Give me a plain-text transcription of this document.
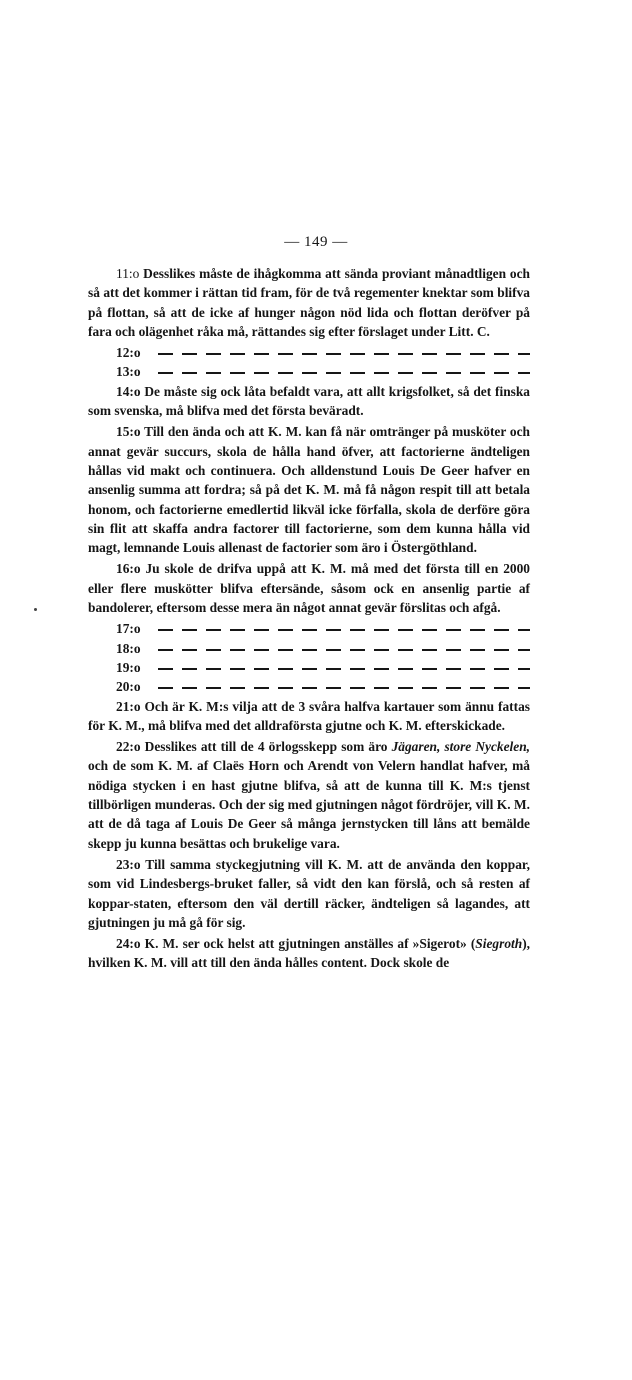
— 149 —

11:o Desslikes måste de ihågkomma att sända proviant månadtligen och så att det kommer i rättan tid fram, för de två regementer knektar som blifva på flottan, så att de icke af hunger någon nöd lida och flottan deröfver på fara och olägenhet råka må, rättandes sig efter förslaget under Litt. C.

12:o
13:o

14:o De måste sig ock låta befaldt vara, att allt krigsfolket, så det finska som svenska, må blifva med det första beväradt.

15:o Till den ända och att K. M. kan få när omtränger på musköter och annat gevär succurs, skola de hålla hand öfver, att factorierne ändteligen hållas vid makt och continuera. Och alldenstund Louis De Geer hafver en ansenlig summa att fordra; så på det K. M. må få någon respit till att betala honom, och factorierne emedlertid likväl icke förfalla, skola de derföre göra sin flit att skaffa andra factorer till factorierne, som dem kunna hålla vid magt, lemnande Louis allenast de factorier som äro i Östergöthland.

16:o Ju skole de drifva uppå att K. M. må med det första till en 2000 eller flere muskötter blifva eftersände, såsom ock en ansenlig partie af bandolerer, eftersom desse mera än något annat gevär förslitas och afgå.

17:o
18:o
19:o
20:o

21:o Och är K. M:s vilja att de 3 svåra halfva kartauer som ännu fattas för K. M., må blifva med det alldraförsta gjutne och K. M. efterskickade.

22:o Desslikes att till de 4 örlogsskepp som äro Jägaren, store Nyckelen, och de som K. M. af Claës Horn och Arendt von Velern handlat hafver, må nödiga stycken i en hast gjutne blifva, så att de kunna till K. M:s tjenst tillbörligen munderas. Och der sig med gjutningen något fördröjer, vill K. M. att de då taga af Louis De Geer så många jernstycken till låns att bemälde skepp ju kunna besättas och brukelige vara.

23:o Till samma styckegjutning vill K. M. att de använda den koppar, som vid Lindesbergs-bruket faller, så vidt den kan förslå, och så resten af koppar-staten, eftersom den väl dertill räcker, ändteligen så lagandes, att gjutningen ju må gå för sig.

24:o K. M. ser ock helst att gjutningen anställes af »Sigerot» (Siegroth), hvilken K. M. vill att till den ända hålles content. Dock skole de
